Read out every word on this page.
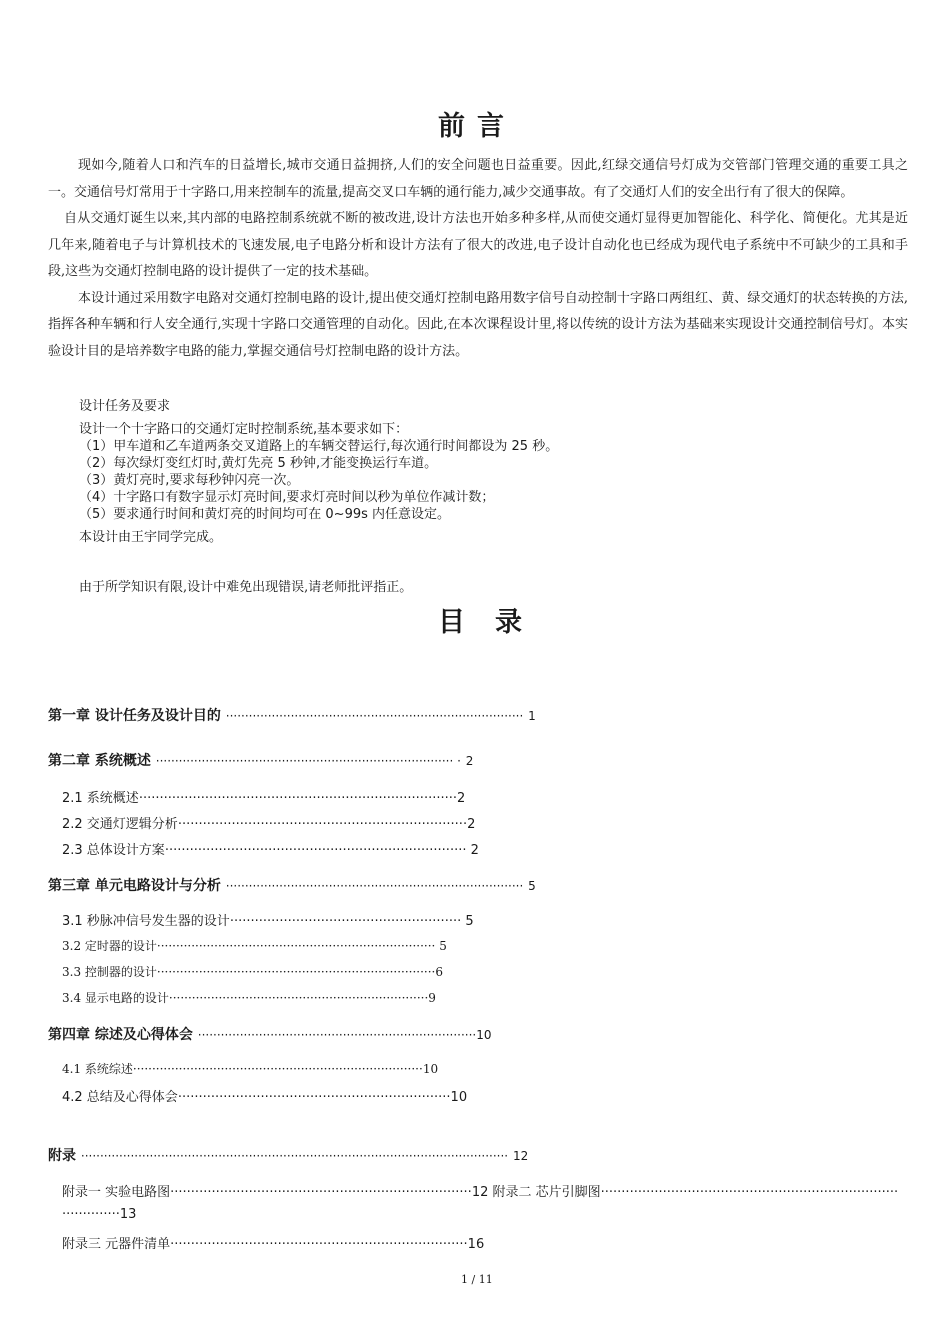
前言

现如今,随着人口和汽车的日益增长,城市交通日益拥挤,人们的安全问题也日益重要。因此,红绿交通信号灯成为交管部门管理交通的重要工具之一。交通信号灯常用于十字路口,用来控制车的流量,提高交叉口车辆的通行能力,减少交通事故。有了交通灯人们的安全出行有了很大的保障。

自从交通灯诞生以来,其内部的电路控制系统就不断的被改进,设计方法也开始多种多样,从而使交通灯显得更加智能化、科学化、简便化。尤其是近几年来,随着电子与计算机技术的飞速发展,电子电路分析和设计方法有了很大的改进,电子设计自动化也已经成为现代电子系统中不可缺少的工具和手段,这些为交通灯控制电路的设计提供了一定的技术基础。

本设计通过采用数字电路对交通灯控制电路的设计,提出使交通灯控制电路用数字信号自动控制十字路口两组红、黄、绿交通灯的状态转换的方法,指挥各种车辆和行人安全通行,实现十字路口交通管理的自动化。因此,在本次课程设计里,将以传统的设计方法为基础来实现设计交通控制信号灯。本实验设计目的是培养数字电路的能力,掌握交通信号灯控制电路的设计方法。

设计任务及要求
设计一个十字路口的交通灯定时控制系统,基本要求如下：
（1）甲车道和乙车道两条交叉道路上的车辆交替运行,每次通行时间都设为 25 秒。
（2）每次绿灯变红灯时,黄灯先亮 5 秒钟,才能变换运行车道。
（3）黄灯亮时,要求每秒钟闪亮一次。
（4）十字路口有数字显示灯亮时间,要求灯亮时间以秒为单位作减计数；
（5）要求通行时间和黄灯亮的时间均可在 0~99s 内任意设定。
本设计由王宇同学完成。
由于所学知识有限,设计中难免出现错误,请老师批评指正。
目录
第一章 设计任务及设计目的 ·············································································· 1
第二章 系统概述 ·············································································· · 2
2.1 系统概述·············································································2
2.2 交通灯逻辑分析······································································2
2.3 总体设计方案········································································· 2
第三章 单元电路设计与分析 ·············································································· 5
3.1 秒脉冲信号发生器的设计························································ 5
3.2 定时器的设计········································································· 5
3.3 控制器的设计·········································································6
3.4 显示电路的设计····································································9
第四章 综述及心得体会 ·········································································10
4.1 系统综述············································································10
4.2 总结及心得体会··································································10
附录 ················································································································ 12
附录一 实验电路图·········································································12 附录二 芯片引脚图········································································
··············13
附录三 元器件清单········································································16
1 / 11
